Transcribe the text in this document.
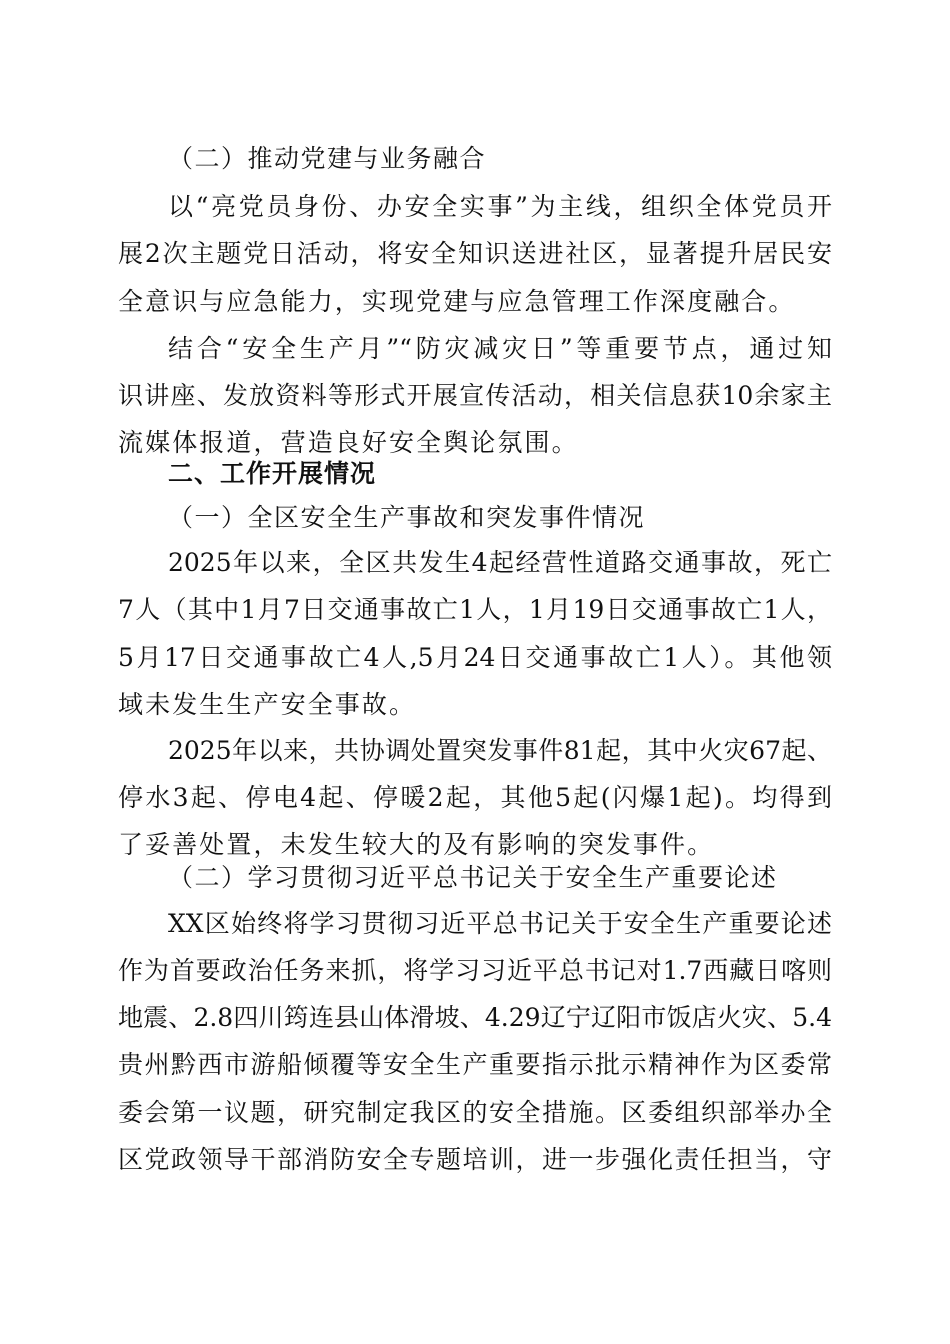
（二）推动党建与业务融合
以“亮党员身份、办安全实事”为主线，组织全体党员开
展2次主题党日活动，将安全知识送进社区，显著提升居民安
全意识与应急能力，实现党建与应急管理工作深度融合。
结合“安全生产月”“防灾减灾日”等重要节点，通过知
识讲座、发放资料等形式开展宣传活动，相关信息获10余家主
流媒体报道，营造良好安全舆论氛围。
二、工作开展情况
（一）全区安全生产事故和突发事件情况
2025年以来，全区共发生4起经营性道路交通事故，死亡
7人（其中1月7日交通事故亡1人，1月19日交通事故亡1人，
5月17日交通事故亡4人,5月24日交通事故亡1人）。其他领
域未发生生产安全事故。
2025年以来，共协调处置突发事件81起，其中火灾67起、
停水3起、停电4起、停暖2起，其他5起(闪爆1起)。均得到
了妥善处置，未发生较大的及有影响的突发事件。
（二）学习贯彻习近平总书记关于安全生产重要论述
XX区始终将学习贯彻习近平总书记关于安全生产重要论述
作为首要政治任务来抓，将学习习近平总书记对1.7西藏日喀则
地震、2.8四川筠连县山体滑坡、4.29辽宁辽阳市饭店火灾、5.4
贵州黔西市游船倾覆等安全生产重要指示批示精神作为区委常
委会第一议题，研究制定我区的安全措施。区委组织部举办全
区党政领导干部消防安全专题培训，进一步强化责任担当，守
